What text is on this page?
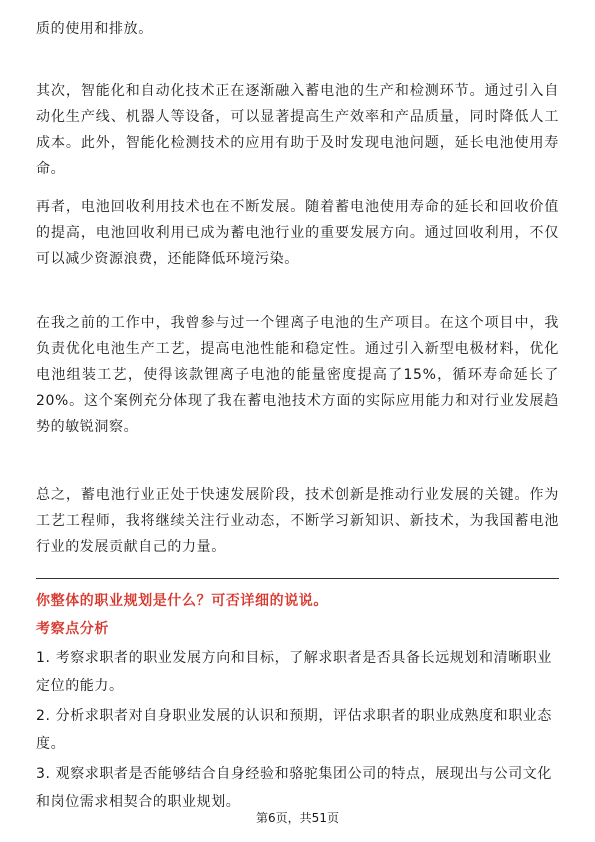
质的使用和排放。

其次，智能化和自动化技术正在逐渐融入蓄电池的生产和检测环节。通过引入自动化生产线、机器人等设备，可以显著提高生产效率和产品质量，同时降低人工成本。此外，智能化检测技术的应用有助于及时发现电池问题，延长电池使用寿命。

再者，电池回收利用技术也在不断发展。随着蓄电池使用寿命的延长和回收价值的提高，电池回收利用已成为蓄电池行业的重要发展方向。通过回收利用，不仅可以减少资源浪费，还能降低环境污染。

在我之前的工作中，我曾参与过一个锂离子电池的生产项目。在这个项目中，我负责优化电池生产工艺，提高电池性能和稳定性。通过引入新型电极材料，优化电池组装工艺，使得该款锂离子电池的能量密度提高了15%，循环寿命延长了20%。这个案例充分体现了我在蓄电池技术方面的实际应用能力和对行业发展趋势的敏锐洞察。

总之，蓄电池行业正处于快速发展阶段，技术创新是推动行业发展的关键。作为工艺工程师，我将继续关注行业动态，不断学习新知识、新技术，为我国蓄电池行业的发展贡献自己的力量。

你整体的职业规划是什么？可否详细的说说。
考察点分析

1. 考察求职者的职业发展方向和目标，了解求职者是否具备长远规划和清晰职业定位的能力。

2. 分析求职者对自身职业发展的认识和预期，评估求职者的职业成熟度和职业态度。

3. 观察求职者是否能够结合自身经验和骆驼集团公司的特点，展现出与公司文化和岗位需求相契合的职业规划。

第6页，共51页
